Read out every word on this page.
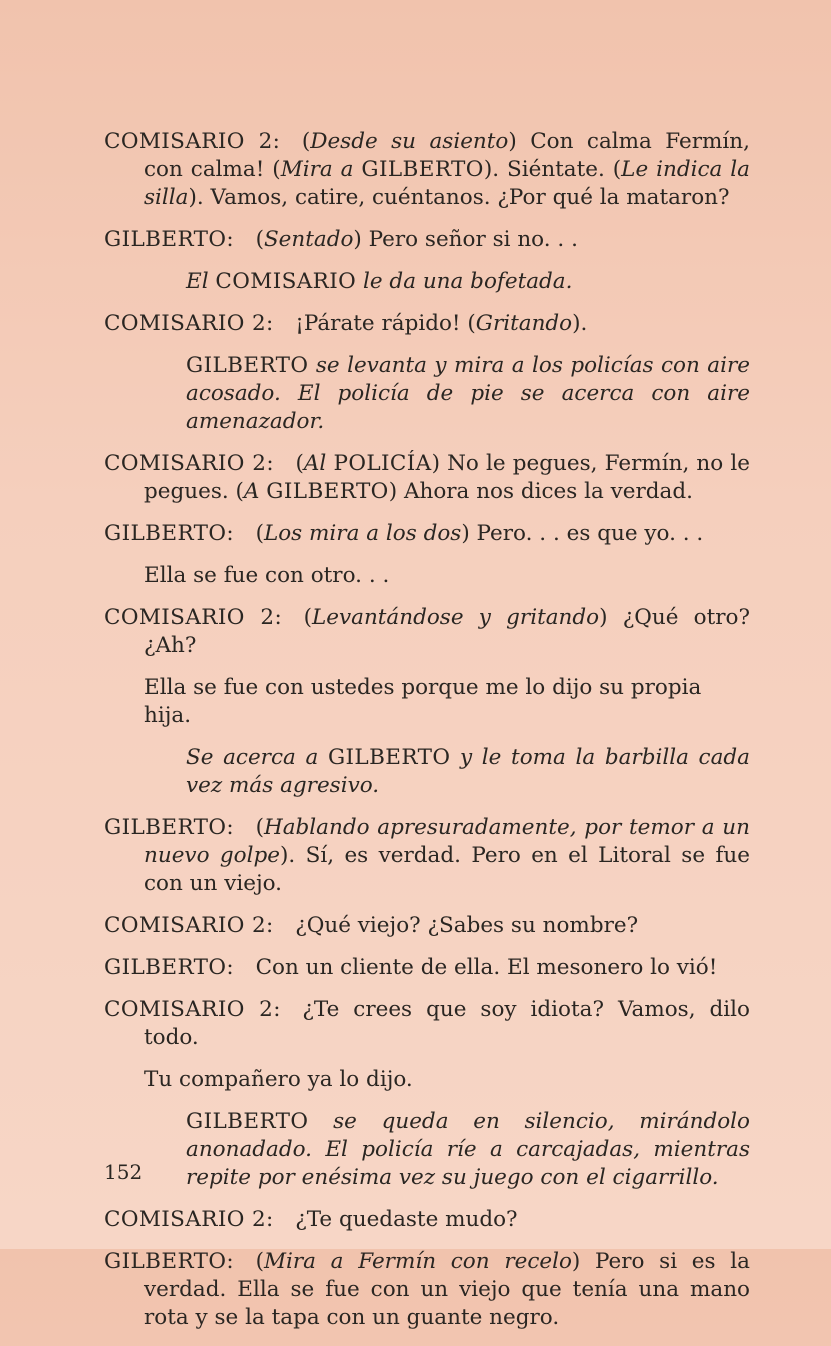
COMISARIO 2:  (Desde su asiento) Con calma Fermín, con calma! (Mira a GILBERTO). Siéntate. (Le indica la silla). Vamos, catire, cuéntanos. ¿Por qué la mataron?
GILBERTO:  (Sentado) Pero señor si no. . .
El COMISARIO le da una bofetada.
COMISARIO 2:  ¡Párate rápido! (Gritando).
GILBERTO se levanta y mira a los policías con aire acosado. El policía de pie se acerca con aire amenazador.
COMISARIO 2:  (Al POLICÍA) No le pegues, Fermín, no le pegues. (A GILBERTO) Ahora nos dices la verdad.
GILBERTO:  (Los mira a los dos) Pero. . . es que yo. . .
Ella se fue con otro. . .
COMISARIO 2:  (Levantándose y gritando) ¿Qué otro? ¿Ah?
Ella se fue con ustedes porque me lo dijo su propia hija.
Se acerca a GILBERTO y le toma la barbilla cada vez más agresivo.
GILBERTO:  (Hablando apresuradamente, por temor a un nuevo golpe). Sí, es verdad. Pero en el Litoral se fue con un viejo.
COMISARIO 2:  ¿Qué viejo? ¿Sabes su nombre?
GILBERTO:  Con un cliente de ella. El mesonero lo vió!
COMISARIO 2:  ¿Te crees que soy idiota? Vamos, dilo todo.
Tu compañero ya lo dijo.
GILBERTO se queda en silencio, mirándolo anonadado. El policía ríe a carcajadas, mientras repite por enésima vez su juego con el cigarrillo.
COMISARIO 2:  ¿Te quedaste mudo?
GILBERTO:  (Mira a Fermín con recelo) Pero si es la verdad. Ella se fue con un viejo que tenía una mano rota y se la tapa con un guante negro.
152
